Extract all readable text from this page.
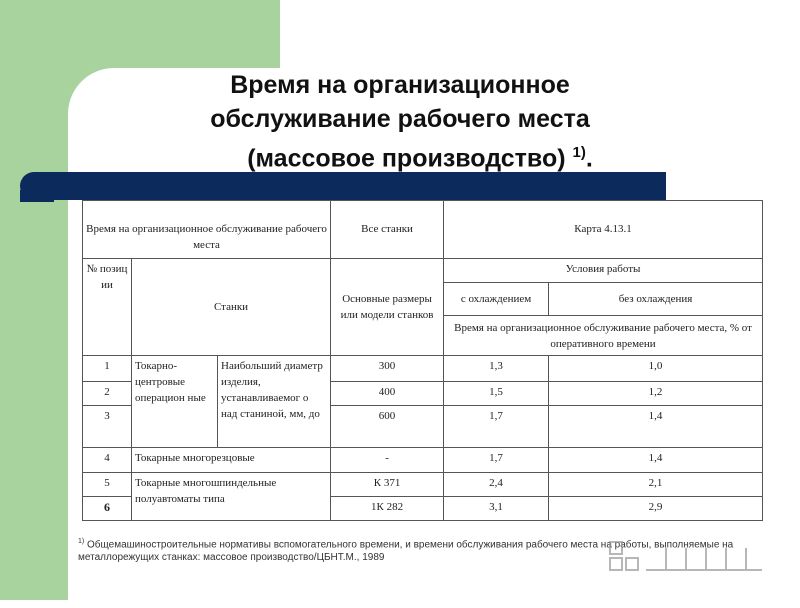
Время на организационное
обслуживание рабочего места

(массовое производство) $^{1)}$.
Время на организационное обслуживание рабочего места			Все станки	Карта 4.13.1	
№ позиц ии	Станки		Основные размеры или модели станков	Условия работы	
				с охлаждением	без охлаждения
				Время на организационное обслуживание рабочего места, % от оперативного времени	
1	Токарно-центровые операцион ные	Наибольший диаметр изделия, устанавливаемог о над станиной, мм, до	300	1,3	1,0
2			400	1,5	1,2
3			600	1,7	1,4
4	Токарные многорезцовые		-	1,7	1,4
5	Токарные многошпиндельные полуавтоматы типа		К 371	2,4	2,1
6			1К 282	3,1	2,9
$^{1)}$ Общемашиностроительные нормативы вспомогательного времени, и времени обслуживания рабочего места на работы, выполняемые на металлорежущих станках: массовое производство/ЦБНТ.М., 1989
